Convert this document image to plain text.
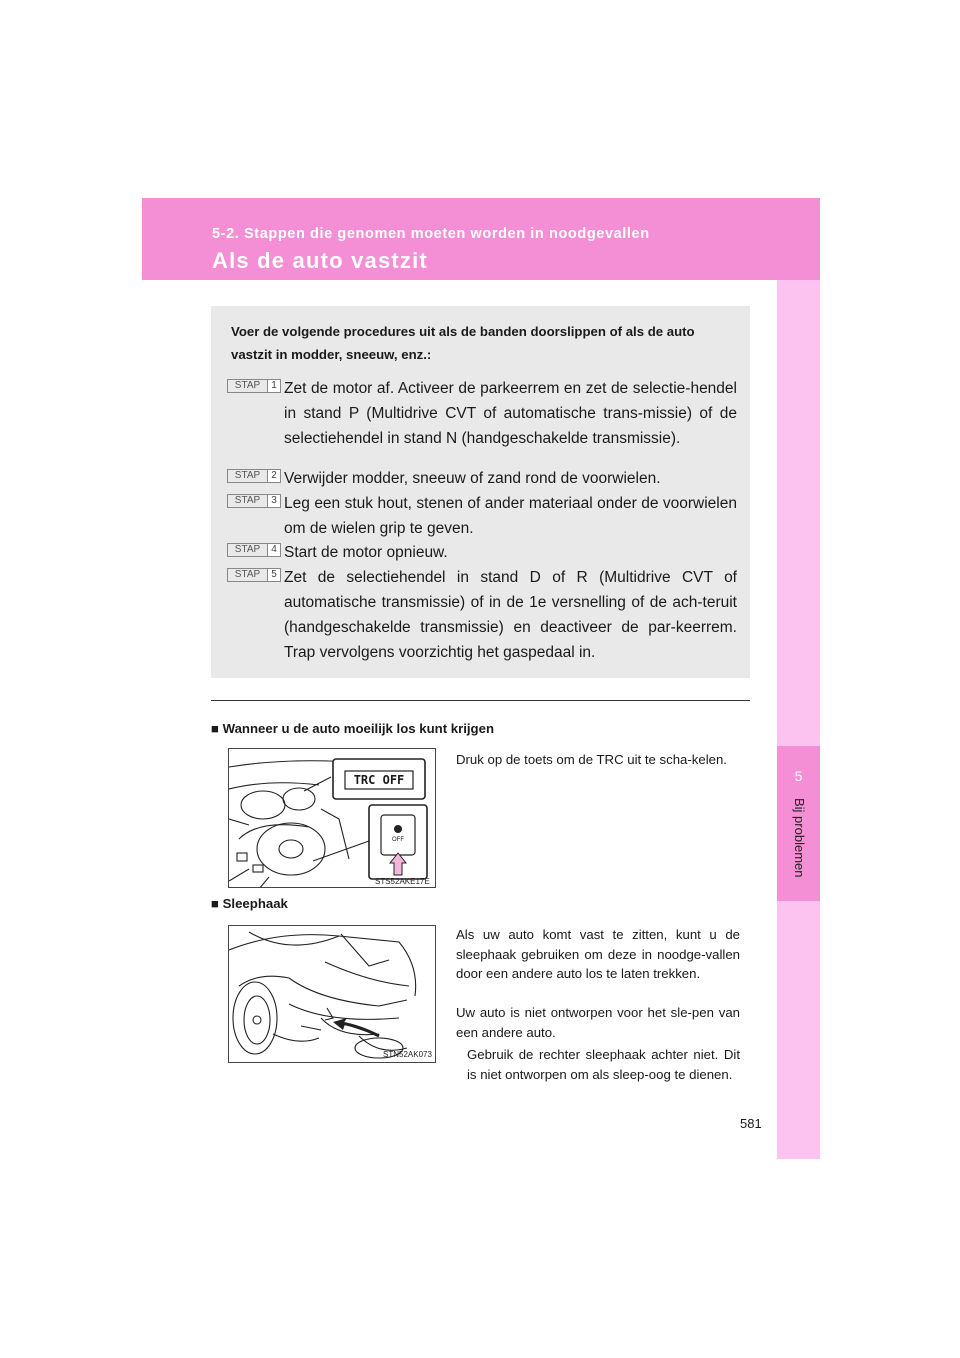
5-2. Stappen die genomen moeten worden in noodgevallen
Als de auto vastzit
5
Bij problemen
Voer de volgende procedures uit als de banden doorslippen of als de auto vastzit in modder, sneeuw, enz.:
STAP	1 Zet de motor af. Activeer de parkeerrem en zet de selectie-hendel in stand P (Multidrive CVT of automatische trans-missie) of de selectiehendel in stand N (handgeschakelde transmissie).
STAP	2 Verwijder modder, sneeuw of zand rond de voorwielen.
STAP	3 Leg een stuk hout, stenen of ander materiaal onder de voorwielen om de wielen grip te geven.
STAP	4 Start de motor opnieuw.
STAP	5 Zet de selectiehendel in stand D of R (Multidrive CVT of automatische transmissie) of in de 1e versnelling of de ach-teruit (handgeschakelde transmissie) en deactiveer de par-keerrem. Trap vervolgens voorzichtig het gaspedaal in.
■ Wanneer u de auto moeilijk los kunt krijgen
TRC OFF
OFF
STS52AKE17E
Druk op de toets om de TRC uit te scha-kelen.
■ Sleephaak
STN52AK073
Als uw auto komt vast te zitten, kunt u de sleephaak gebruiken om deze in noodge-vallen door een andere auto los te laten trekken.
Uw auto is niet ontworpen voor het sle-pen van een andere auto.
Gebruik de rechter sleephaak achter niet. Dit is niet ontworpen om als sleep-oog te dienen.
581
